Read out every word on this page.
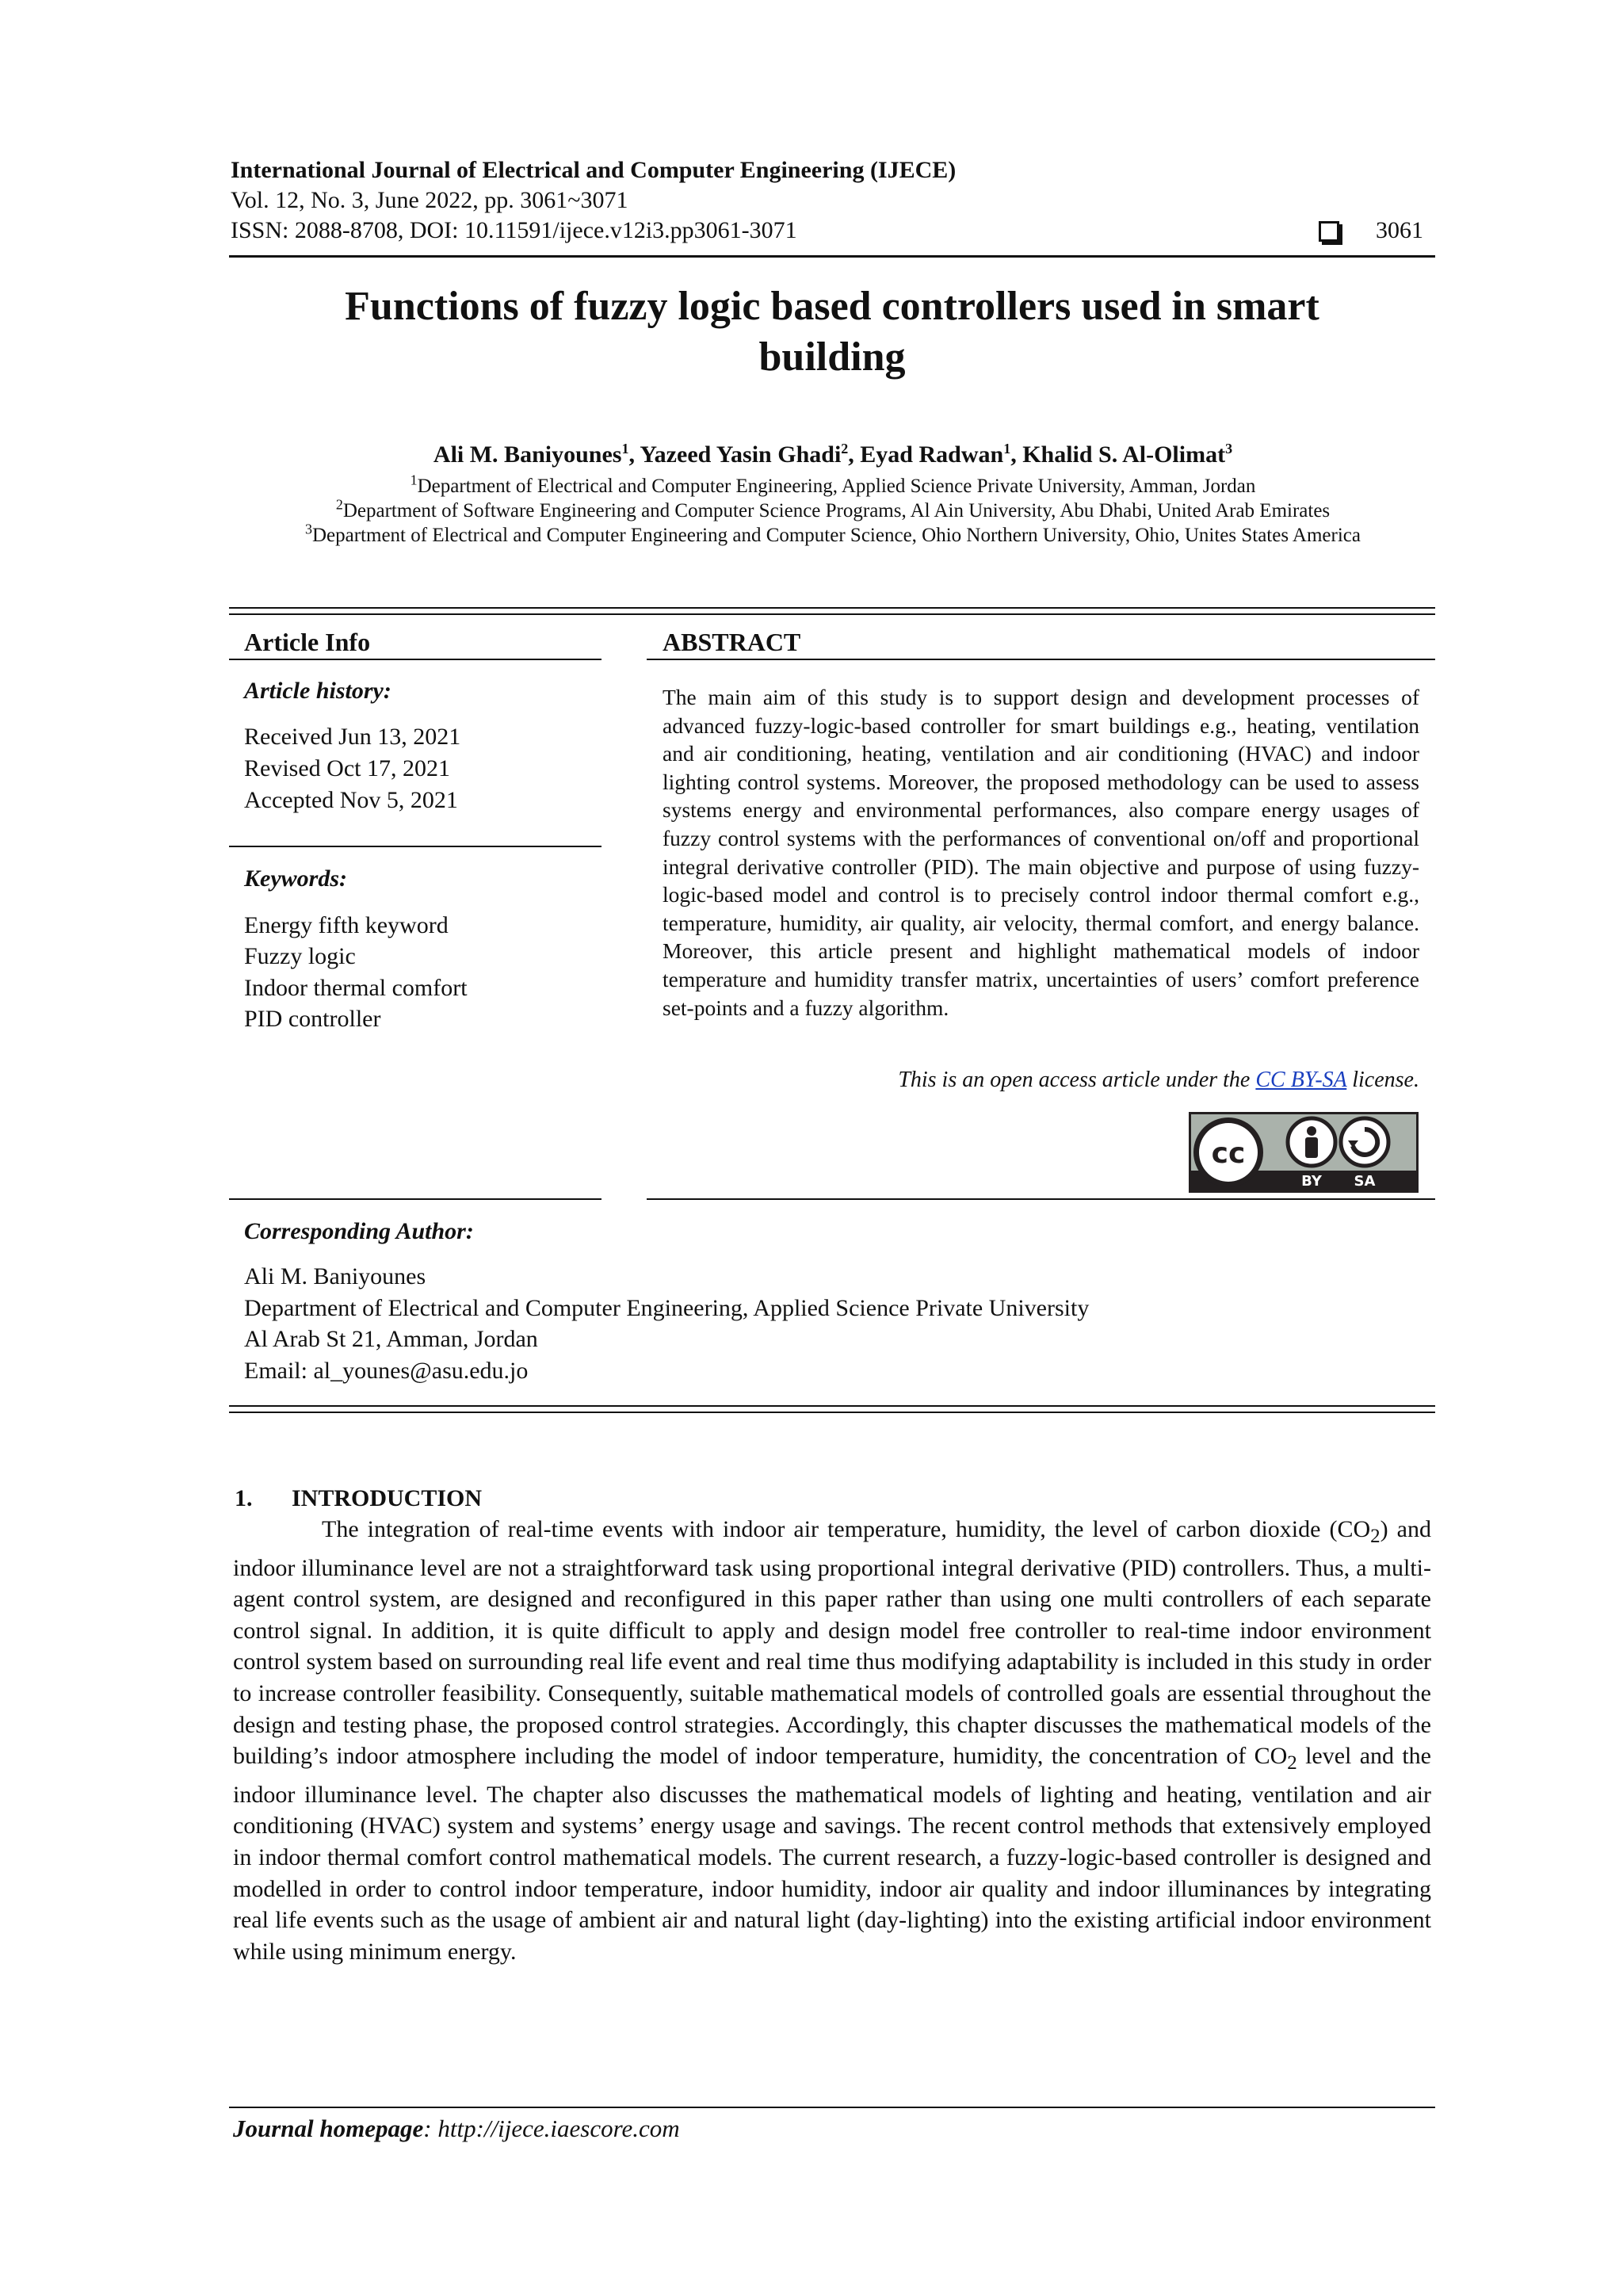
International Journal of Electrical and Computer Engineering (IJECE)
Vol. 12, No. 3, June 2022, pp. 3061~3071
ISSN: 2088-8708, DOI: 10.11591/ijece.v12i3.pp3061-3071	3061
Functions of fuzzy logic based controllers used in smart
building
Ali M. Baniyounes$^1$, Yazeed Yasin Ghadi$^2$, Eyad Radwan$^1$, Khalid S. Al-Olimat$^3$
$^1$Department of Electrical and Computer Engineering, Applied Science Private University, Amman, Jordan
$^2$Department of Software Engineering and Computer Science Programs, Al Ain University, Abu Dhabi, United Arab Emirates
$^3$Department of Electrical and Computer Engineering and Computer Science, Ohio Northern University, Ohio, Unites States America
Article Info
Article history:
Received Jun 13, 2021
Revised Oct 17, 2021
Accepted Nov 5, 2021
Keywords:
Energy fifth keyword
Fuzzy logic
Indoor thermal comfort
PID controller
ABSTRACT
The main aim of this study is to support design and development processes of advanced fuzzy-logic-based controller for smart buildings e.g., heating, ventilation and air conditioning, heating, ventilation and air conditioning (HVAC) and indoor lighting control systems. Moreover, the proposed methodology can be used to assess systems energy and environmental performances, also compare energy usages of fuzzy control systems with the performances of conventional on/off and proportional integral derivative controller (PID). The main objective and purpose of using fuzzy-logic-based model and control is to precisely control indoor thermal comfort e.g., temperature, humidity, air quality, air velocity, thermal comfort, and energy balance. Moreover, this article present and highlight mathematical models of indoor temperature and humidity transfer matrix, uncertainties of users’ comfort preference set-points and a fuzzy algorithm.
This is an open access article under the CC BY-SA license.
cc
BY SA
Corresponding Author:
Ali M. Baniyounes
Department of Electrical and Computer Engineering, Applied Science Private University
Al Arab St 21, Amman, Jordan
Email: al_younes@asu.edu.jo
1. INTRODUCTION
The integration of real-time events with indoor air temperature, humidity, the level of carbon dioxide $(CO_2)$ and indoor illuminance level are not a straightforward task using proportional integral derivative (PID) controllers. Thus, a multi-agent control system, are designed and reconfigured in this paper rather than using one multi controllers of each separate control signal. In addition, it is quite difficult to apply and design model free controller to real-time indoor environment control system based on surrounding real life event and real time thus modifying adaptability is included in this study in order to increase controller feasibility. Consequently, suitable mathematical models of controlled goals are essential throughout the design and testing phase, the proposed control strategies. Accordingly, this chapter discusses the mathematical models of the building’s indoor atmosphere including the model of indoor temperature, humidity, the concentration of $CO_2$ level and the indoor illuminance level. The chapter also discusses the mathematical models of lighting and heating, ventilation and air conditioning (HVAC) system and systems’ energy usage and savings. The recent control methods that extensively employed in indoor thermal comfort control mathematical models. The current research, a fuzzy-logic-based controller is designed and modelled in order to control indoor temperature, indoor humidity, indoor air quality and indoor illuminances by integrating real life events such as the usage of ambient air and natural light (day-lighting) into the existing artificial indoor environment while using minimum energy.
Journal homepage: http://ijece.iaescore.com
